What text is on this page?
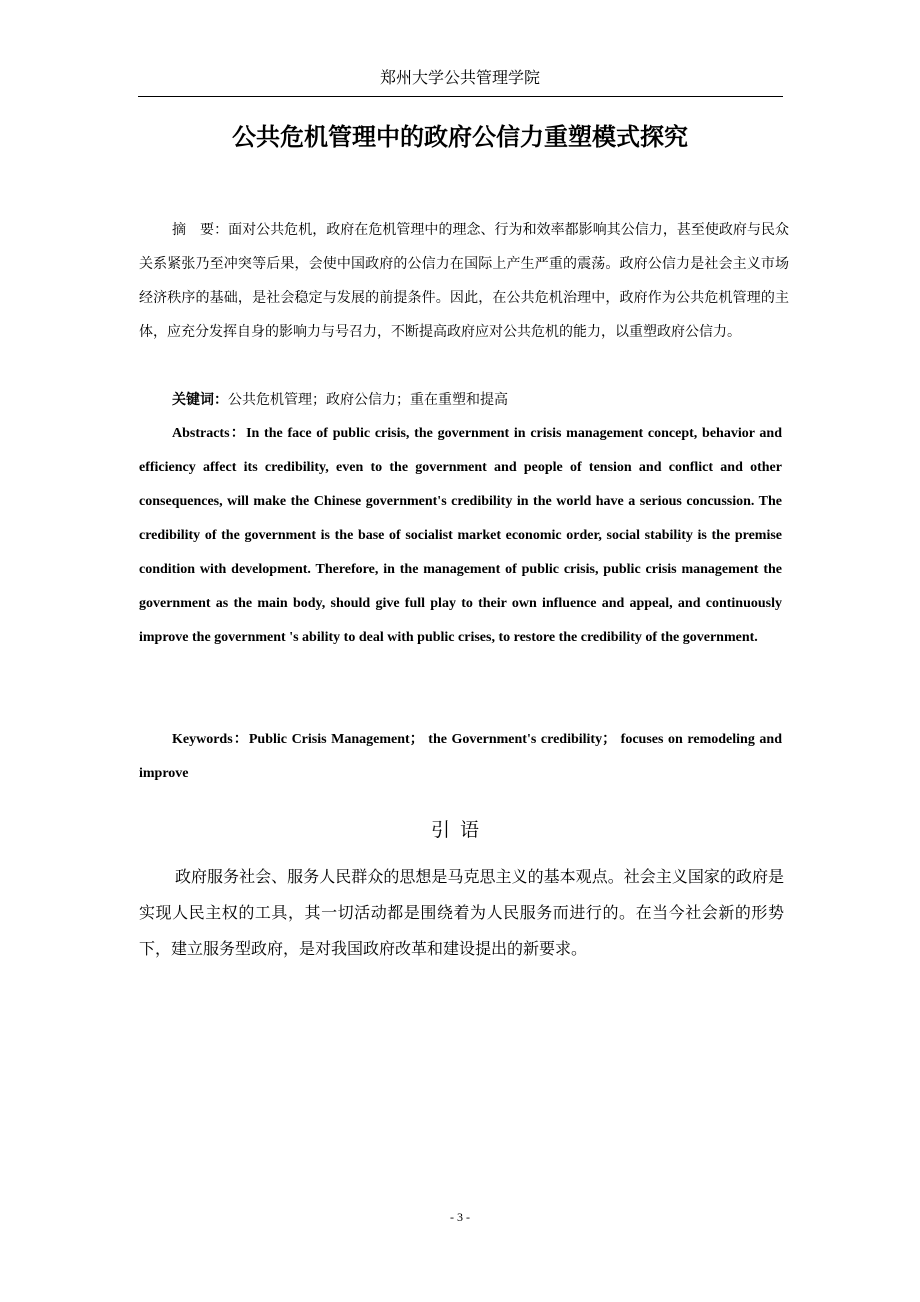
郑州大学公共管理学院
公共危机管理中的政府公信力重塑模式探究

摘　要：面对公共危机，政府在危机管理中的理念、行为和效率都影响其公信力，甚至使政府与民众关系紧张乃至冲突等后果，会使中国政府的公信力在国际上产生严重的震荡。政府公信力是社会主义市场经济秩序的基础，是社会稳定与发展的前提条件。因此，在公共危机治理中，政府作为公共危机管理的主体，应充分发挥自身的影响力与号召力，不断提高政府应对公共危机的能力，以重塑政府公信力。

关键词：公共危机管理；政府公信力；重在重塑和提高

Abstracts：In the face of public crisis, the government in crisis management concept, behavior and efficiency affect its credibility, even to the government and people of tension and conflict and other consequences, will make the Chinese government's credibility in the world have a serious concussion. The credibility of the government is the base of socialist market economic order, social stability is the premise condition with development. Therefore, in the management of public crisis, public crisis management the government as the main body, should give full play to their own influence and appeal, and continuously improve the government 's ability to deal with public crises, to restore the credibility of the government.

Keywords：Public Crisis Management； the Government's credibility； focuses on remodeling and improve

引语

政府服务社会、服务人民群众的思想是马克思主义的基本观点。社会主义国家的政府是实现人民主权的工具，其一切活动都是围绕着为人民服务而进行的。在当今社会新的形势下，建立服务型政府，是对我国政府改革和建设提出的新要求。

- 3 -
